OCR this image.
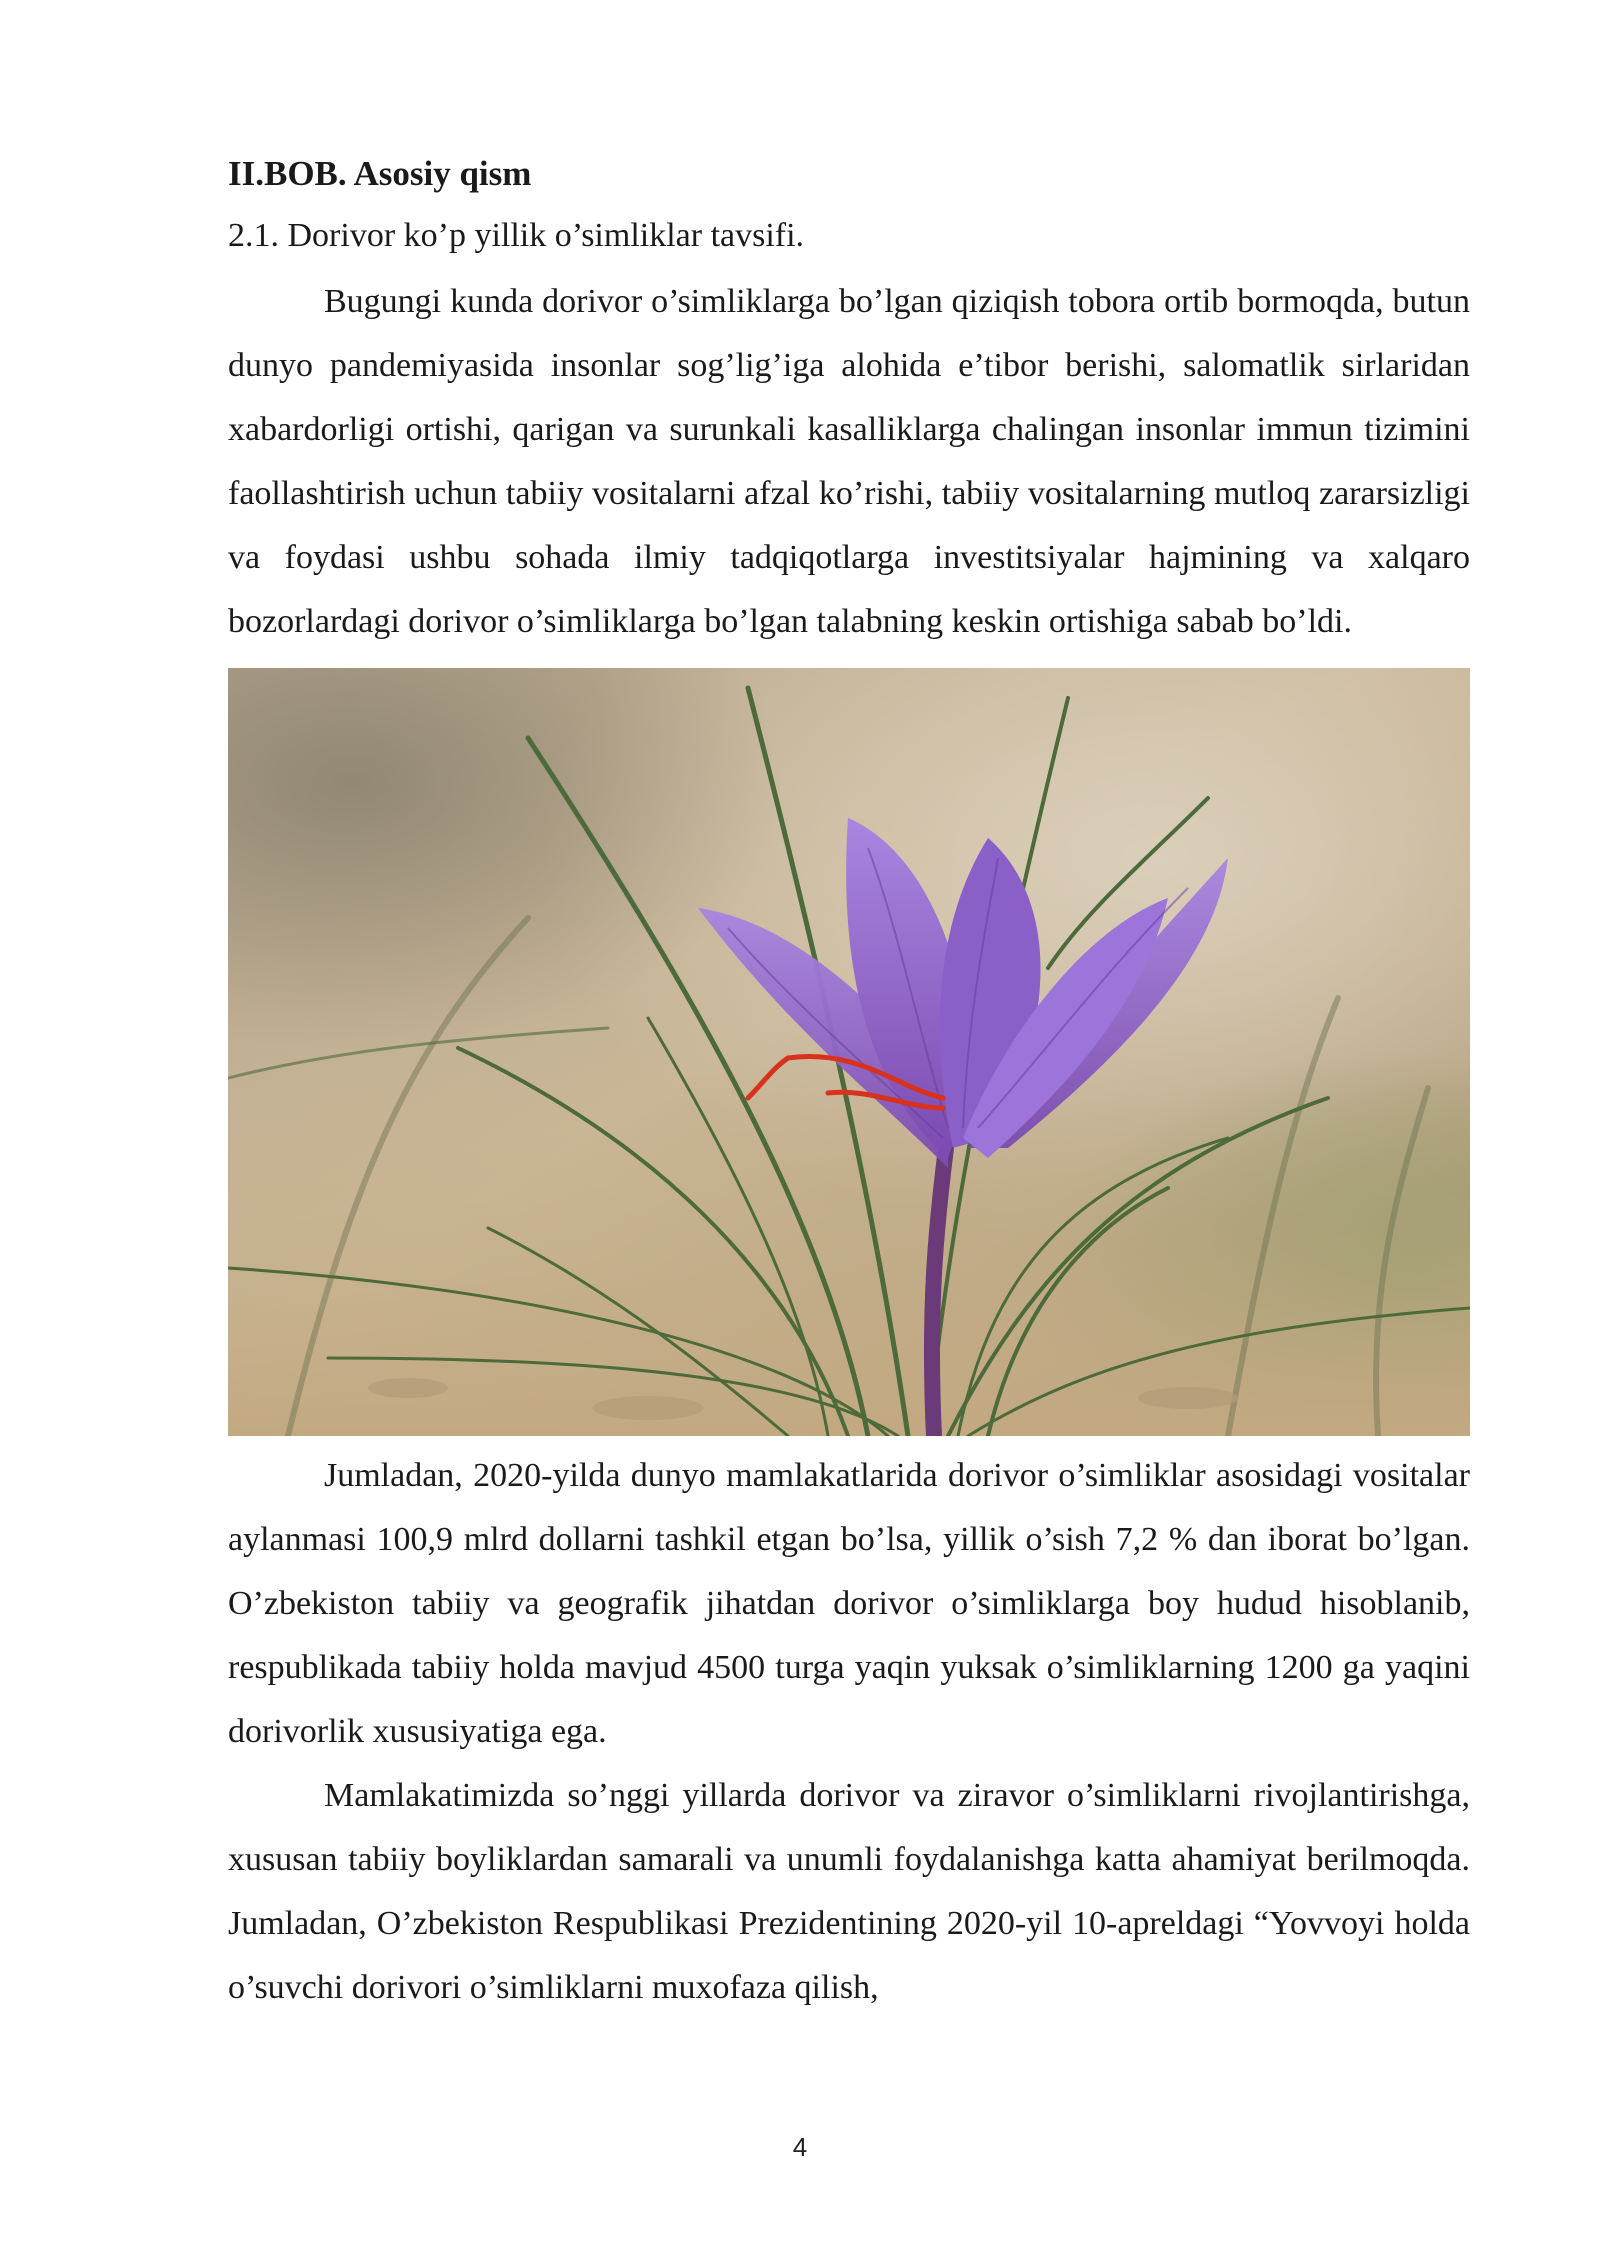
II.BOB. Asosiy qism

2.1. Dorivor ko’p yillik o’simliklar tavsifi.

Bugungi kunda dorivor o’simliklarga bo’lgan qiziqish tobora ortib bormoqda, butun dunyo pandemiyasida insonlar sog’lig’iga alohida e’tibor berishi, salomatlik sirlaridan xabardorligi ortishi, qarigan va surunkali kasalliklarga chalingan insonlar immun tizimini faollashtirish uchun tabiiy vositalarni afzal ko’rishi, tabiiy vositalarning mutloq zararsizligi va foydasi ushbu sohada ilmiy tadqiqotlarga investitsiyalar hajmining va xalqaro bozorlardagi dorivor o’simliklarga bo’lgan talabning keskin ortishiga sabab bo’ldi.

Jumladan, 2020-yilda dunyo mamlakatlarida dorivor o’simliklar asosidagi vositalar aylanmasi 100,9 mlrd dollarni tashkil etgan bo’lsa, yillik o’sish 7,2 % dan iborat bo’lgan. O’zbekiston tabiiy va geografik jihatdan dorivor o’simliklarga boy hudud hisoblanib, respublikada tabiiy holda mavjud 4500 turga yaqin yuksak o’simliklarning 1200 ga yaqini dorivorlik xususiyatiga ega.

Mamlakatimizda so’nggi yillarda dorivor va ziravor o’simliklarni rivojlantirishga, xususan tabiiy boyliklardan samarali va unumli foydalanishga katta ahamiyat berilmoqda. Jumladan, O’zbekiston Respublikasi Prezidentining 2020-yil 10-apreldagi “Yovvoyi holda o’suvchi dorivori o’simliklarni muxofaza qilish,

4
